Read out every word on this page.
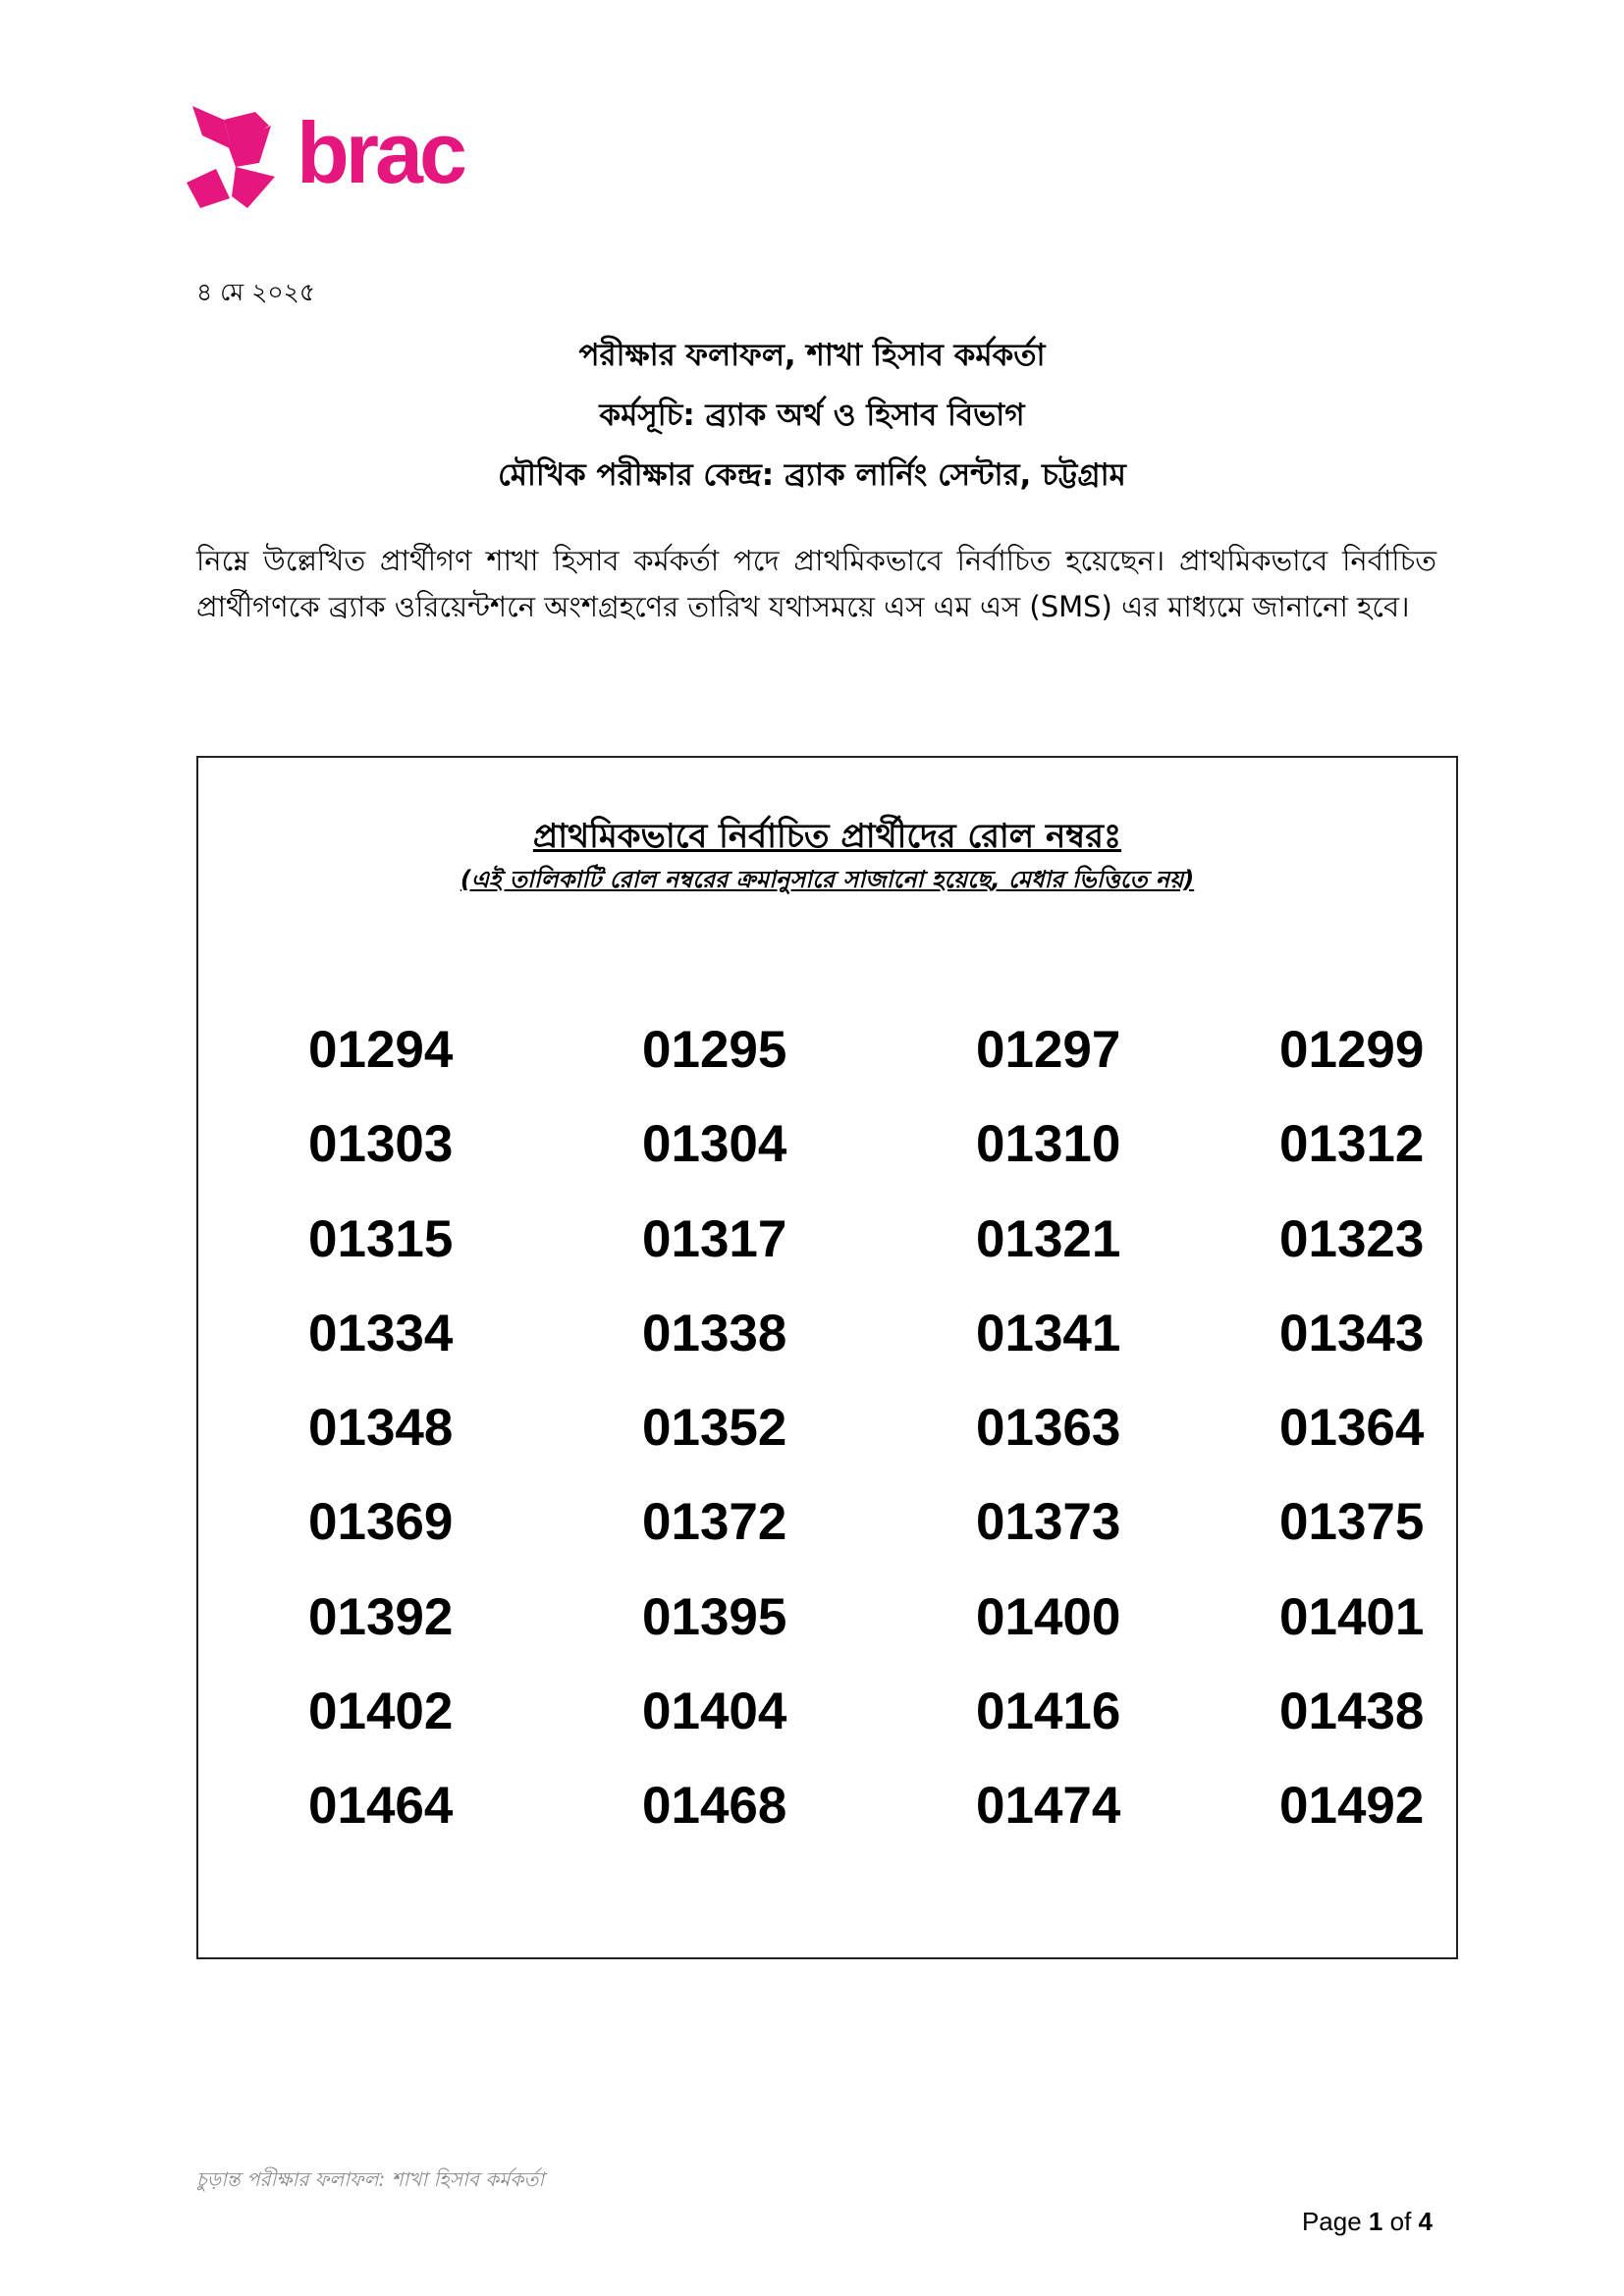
brac
৪ মে ২০২৫
পরীক্ষার ফলাফল, শাখা হিসাব কর্মকর্তা
কর্মসূচি: ব্র্যাক অর্থ ও হিসাব বিভাগ
মৌখিক পরীক্ষার কেন্দ্র: ব্র্যাক লার্নিং সেন্টার, চট্টগ্রাম

নিম্নে উল্লেখিত প্রার্থীগণ শাখা হিসাব কর্মকর্তা পদে প্রাথমিকভাবে নির্বাচিত হয়েছেন। প্রাথমিকভাবে নির্বাচিত প্রার্থীগণকে ব্র্যাক ওরিয়েন্টশনে অংশগ্রহণের তারিখ যথাসময়ে এস এম এস (SMS) এর মাধ্যমে জানানো হবে।

প্রাথমিকভাবে নির্বাচিত প্রার্থীদের রোল নম্বরঃ
(এই তালিকাটি রোল নম্বরের ক্রমানুসারে সাজানো হয়েছে, মেধার ভিত্তিতে নয়)
01294	01295	01297	01299
01303	01304	01310	01312
01315	01317	01321	01323
01334	01338	01341	01343
01348	01352	01363	01364
01369	01372	01373	01375
01392	01395	01400	01401
01402	01404	01416	01438
01464	01468	01474	01492
চুড়ান্ত পরীক্ষার ফলাফল: শাখা হিসাব কর্মকর্তা
Page 1 of 4
